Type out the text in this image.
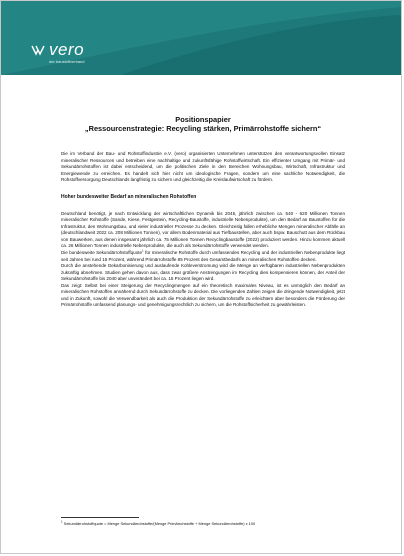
vero
der baustoffverband

Positionspapier

„Ressourcenstrategie: Recycling stärken, Primärrohstoffe sichern“

Die im Verband der Bau- und Rohstoffindustrie e.V. (vero) organisierten Unternehmen unterstützen den verantwortungsvollen Einsatz mineralischer Ressourcen und betreiben eine nachhaltige und zukunftsfähige Rohstoffwirtschaft. Ein effizienter Umgang mit Primär- und Sekundärrohstoffen ist dabei entscheidend, um die politischen Ziele in den Bereichen Wohnungsbau, Wirtschaft, Infrastruktur und Energiewende zu erreichen. Es handelt sich hier nicht um ideologische Fragen, sondern um eine sachliche Notwendigkeit, die Rohstoffversorgung Deutschlands langfristig zu sichern und gleichzeitig die Kreislaufwirtschaft zu fördern.

Hoher bundesweiter Bedarf an mineralischen Rohstoffen

Deutschland benötigt, je nach Entwicklung der wirtschaftlichen Dynamik bis 2045, jährlich zwischen ca. 540 - 620 Millionen Tonnen mineralischer Rohstoffe (Sande, Kiese, Festgestein, Recycling-Baustoffe, industrielle Nebenprodukte), um den Bedarf an Baustoffen für die Infrastruktur, den Wohnungsbau, und vieler industrieller Prozesse zu decken. Gleichzeitig fallen erhebliche Mengen mineralischer Abfälle an (deutschlandweit 2022 ca. 208 Millionen Tonnen), vor allem Bodenmaterial aus Tiefbaustellen, aber auch bspw. Bauschutt aus dem Rückbau von Bauwerken, aus denen insgesamt jährlich ca. 75 Millionen Tonnen Recyclingbaustoffe (2022) produziert werden. Hinzu kommen aktuell ca. 26 Millionen Tonnen industrielle Nebenprodukte, die auch als Sekundärrohstoffe verwendet werden.

Die bundesweite Sekundärrohstoffquote$^1$ für mineralische Rohstoffe durch umfassendes Recycling und der industriellen Nebenprodukte liegt seit Jahren bei rund 15 Prozent, während Primärrohstoffe 85 Prozent des Gesamtbedarfs an mineralischen Rohstoffen decken.

Durch die anstehende Dekarbonisierung und auslaufende Kohleverstromung wird die Menge an verfügbaren industriellen Nebenprodukten zukünftig abnehmen. Studien gehen davon aus, dass zwar größere Anstrengungen im Recycling dies kompensieren können, der Anteil der Sekundärrohstoffe bis 2040 aber unverändert bei ca. 15 Prozent liegen wird.

Das zeigt: Selbst bei einer Steigerung der Recyclingmengen auf ein theoretisch maximales Niveau, ist es unmöglich den Bedarf an mineralischen Rohstoffen annähernd durch Sekundärrohstoffe zu decken. Die vorliegenden Zahlen zeigen die dringende Notwendigkeit, jetzt und in Zukunft, sowohl die Verwendbarkeit als auch die Produktion der Sekundärrohstoffe zu erleichtern aber besonders die Förderung der Primärrohstoffe umfassend planungs- und genehmigungsrechtlich zu sichern, um die Rohstoffsicherheit zu gewährleisten.

$^1$ Sekundärrohstoffquote = Menge Sekundärrohstoffe/(Menge Primärrohstoffe + Menge Sekundärrohstoffe) x 100
